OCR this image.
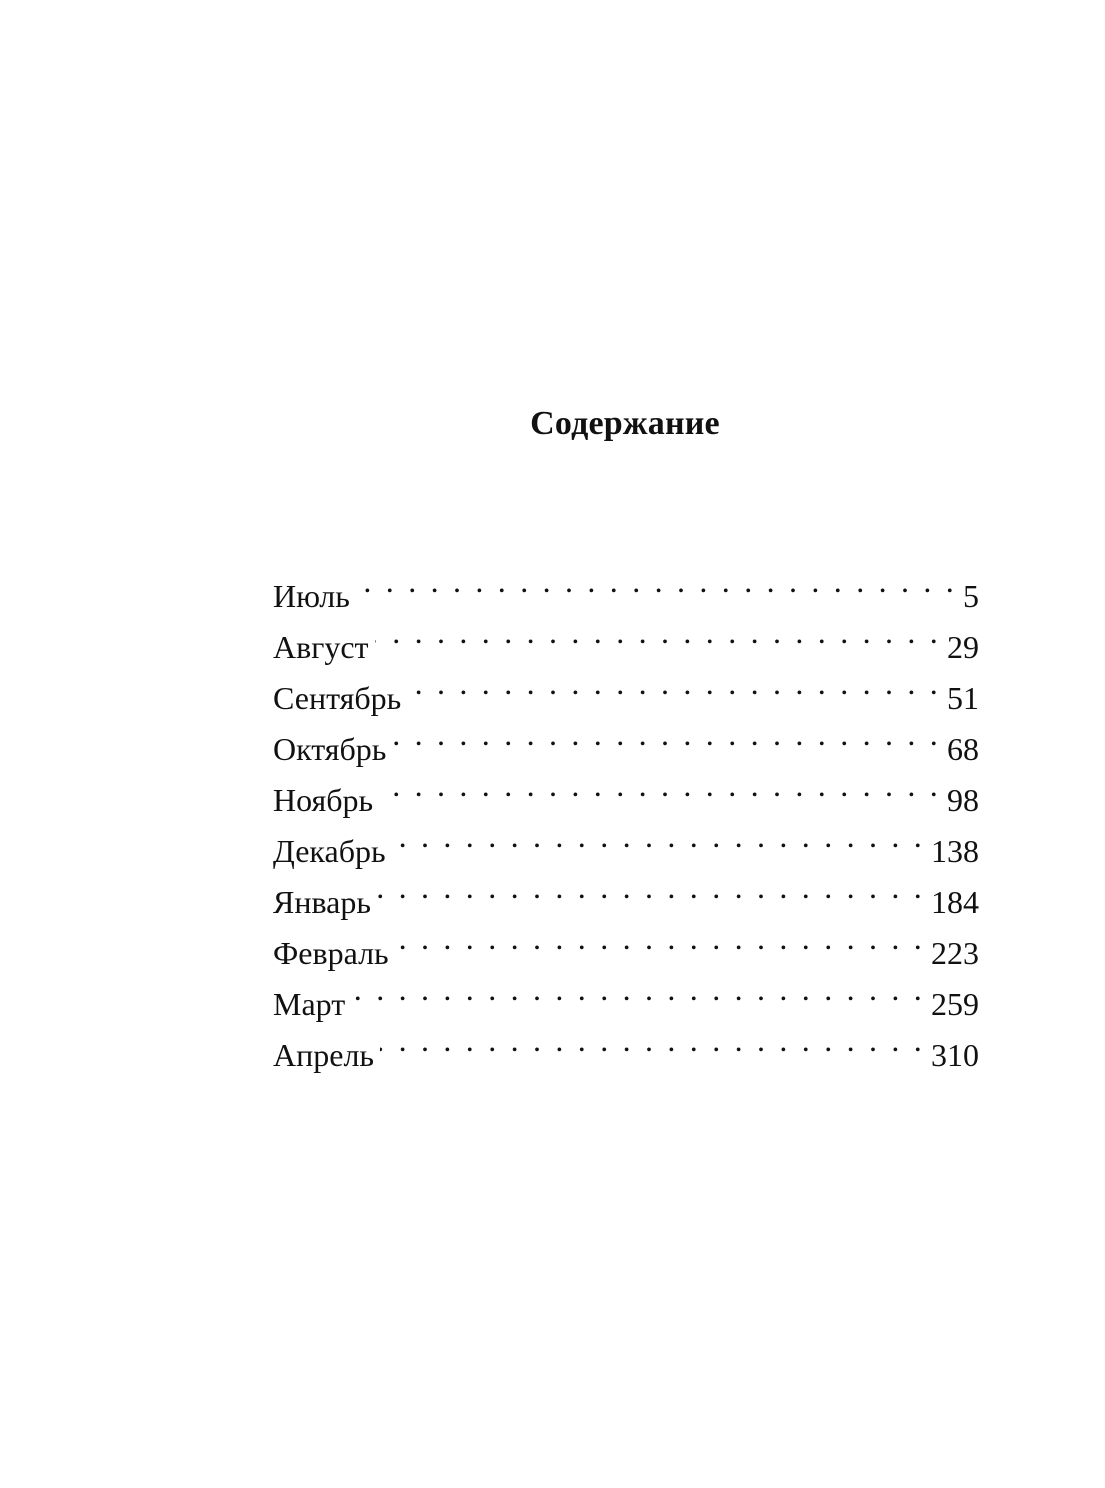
Содержание
Июль . . .	5
Август . . .	29
Сентябрь . . .	51
Октябрь . . .	68
Ноябрь . . .	98
Декабрь . . .	138
Январь . . .	184
Февраль . . .	223
Март . . .	259
Апрель . . .	310
